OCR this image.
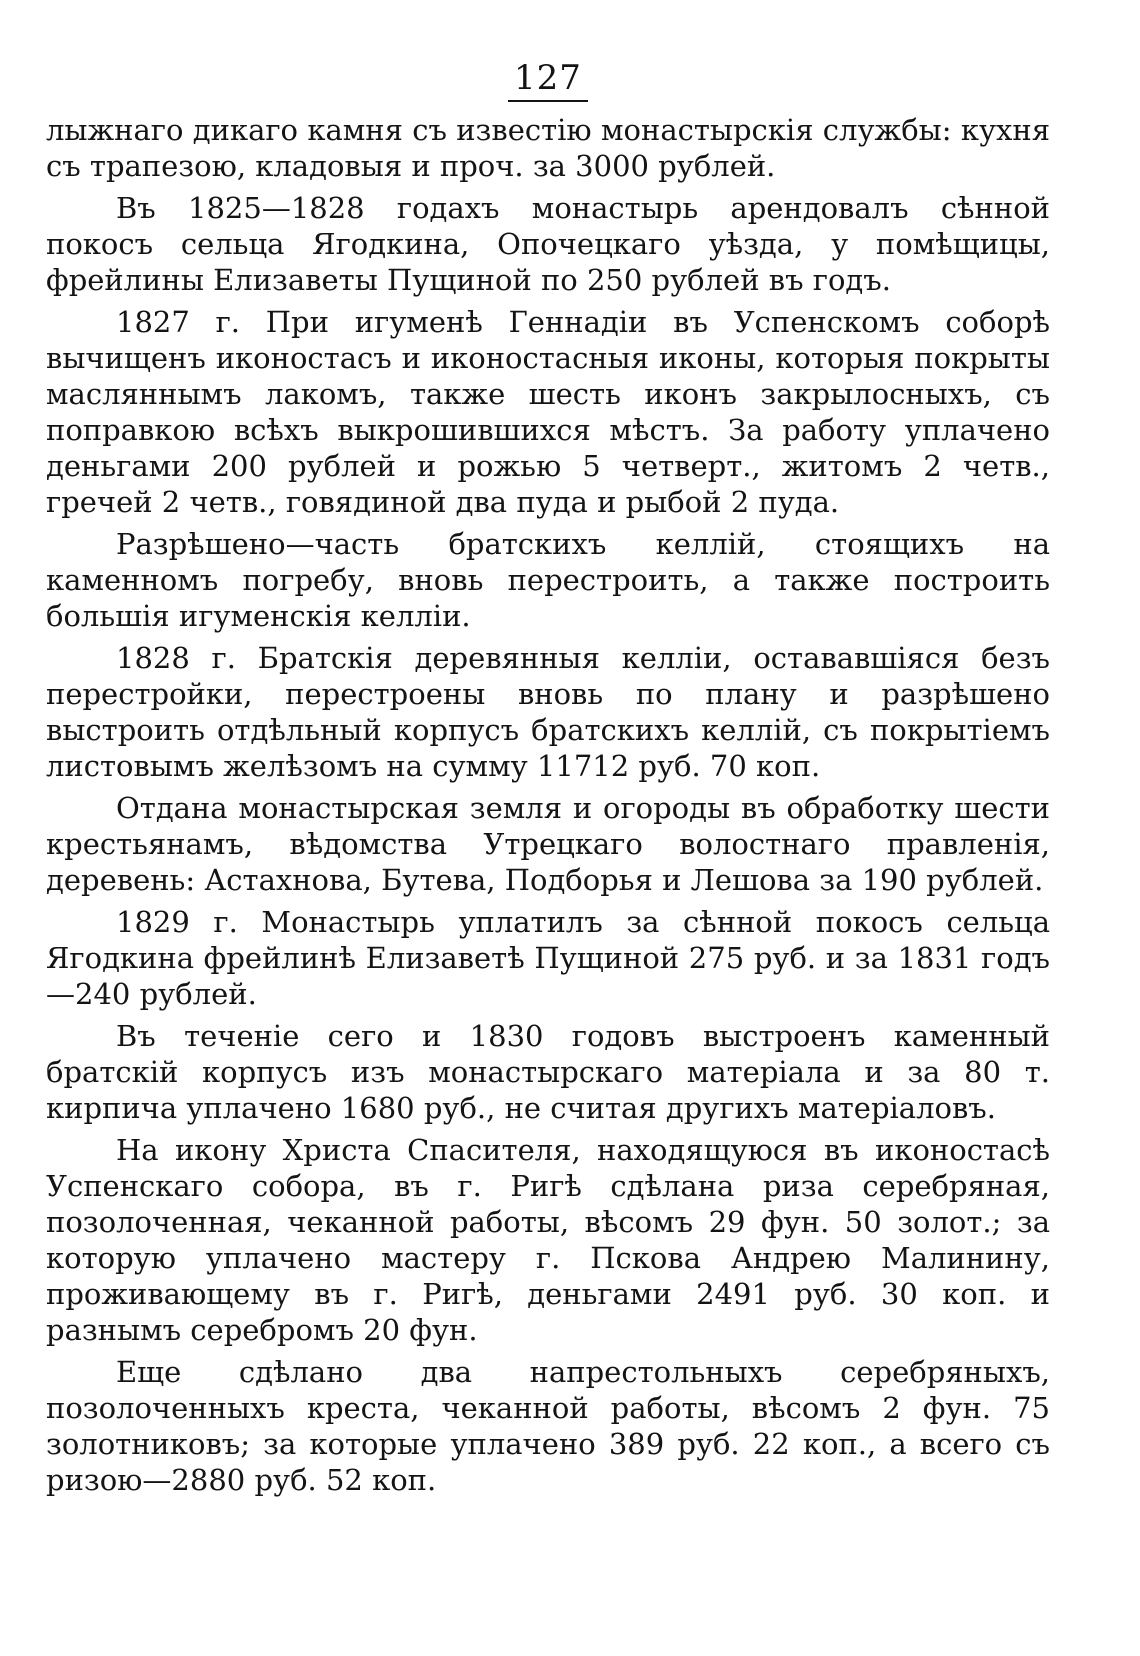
127

лыжнаго дикаго камня съ известію монастырскія службы: кухня съ трапезою, кладовыя и проч. за 3000 рублей.

Въ 1825—1828 годахъ монастырь арендовалъ сѣнной покосъ сельца Ягодкина, Опочецкаго уѣзда, у помѣщицы, фрейлины Елизаветы Пущиной по 250 рублей въ годъ.

1827 г. При игуменѣ Геннадіи въ Успенскомъ соборѣ вычищенъ иконостасъ и иконостасныя иконы, которыя покрыты масляннымъ лакомъ, также шесть иконъ закрылосныхъ, съ поправкою всѣхъ выкрошившихся мѣстъ. За работу уплачено деньгами 200 рублей и рожью 5 четверт., житомъ 2 четв., гречей 2 четв., говядиной два пуда и рыбой 2 пуда.

Разрѣшено—часть братскихъ келлій, стоящихъ на каменномъ погребу, вновь перестроить, а также построить большія игуменскія келліи.

1828 г. Братскія деревянныя келліи, остававшіяся безъ перестройки, перестроены вновь по плану и разрѣшено выстроить отдѣльный корпусъ братскихъ келлій, съ покрытіемъ листовымъ желѣзомъ на сумму 11712 руб. 70 коп.

Отдана монастырская земля и огороды въ обработку шести крестьянамъ, вѣдомства Утрецкаго волостнаго правленія, деревень: Астахнова, Бутева, Подборья и Лешова за 190 рублей.

1829 г. Монастырь уплатилъ за сѣнной покосъ сельца Ягодкина фрейлинѣ Елизаветѣ Пущиной 275 руб. и за 1831 годъ—240 рублей.

Въ теченіе сего и 1830 годовъ выстроенъ каменный братскій корпусъ изъ монастырскаго матеріала и за 80 т. кирпича уплачено 1680 руб., не считая другихъ матеріаловъ.

На икону Христа Спасителя, находящуюся въ иконостасѣ Успенскаго собора, въ г. Ригѣ сдѣлана риза серебряная, позолоченная, чеканной работы, вѣсомъ 29 фун. 50 золот.; за которую уплачено мастеру г. Пскова Андрею Малинину, проживающему въ г. Ригѣ, деньгами 2491 руб. 30 коп. и разнымъ серебромъ 20 фун.

Еще сдѣлано два напрестольныхъ серебряныхъ, позолоченныхъ креста, чеканной работы, вѣсомъ 2 фун. 75 золотниковъ; за которые уплачено 389 руб. 22 коп., а всего съ ризою—2880 руб. 52 коп.
